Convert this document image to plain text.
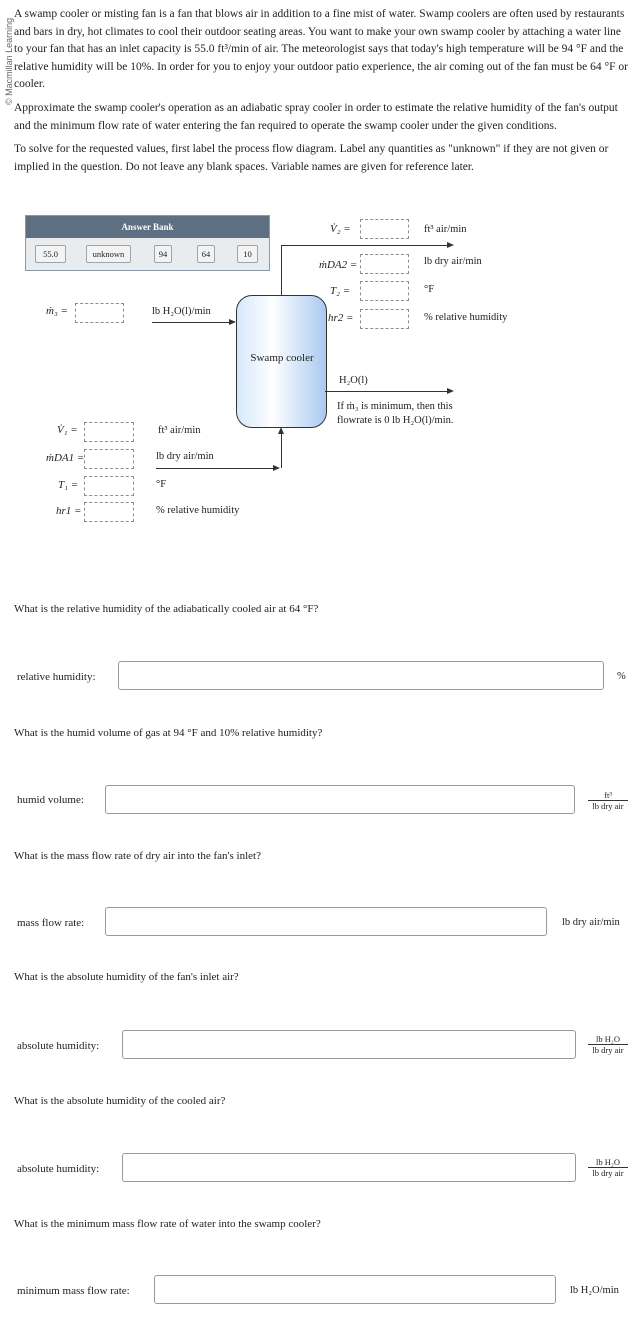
© Macmillan Learning
A swamp cooler or misting fan is a fan that blows air in addition to a fine mist of water. Swamp coolers are often used by restaurants and bars in dry, hot climates to cool their outdoor seating areas. You want to make your own swamp cooler by attaching a water line to your fan that has an inlet capacity is 55.0 ft³/min of air. The meteorologist says that today's high temperature will be 94 °F and the relative humidity will be 10%. In order for you to enjoy your outdoor patio experience, the air coming out of the fan must be 64 °F or cooler.
Approximate the swamp cooler's operation as an adiabatic spray cooler in order to estimate the relative humidity of the fan's output and the minimum flow rate of water entering the fan required to operate the swamp cooler under the given conditions.
To solve for the requested values, first label the process flow diagram. Label any quantities as "unknown" if they are not given or implied in the question. Do not leave any blank spaces. Variable names are given for reference later.
Answer Bank
55.0	unknown	94	64	10
Swamp cooler
ṁ₃ =	lb H₂O(l)/min
V̇₁ =	ft³ air/min
ṁDA1 =	lb dry air/min
T₁ =	°F
hr1 =	% relative humidity
V̇₂ =	ft³ air/min
ṁDA2 =	lb dry air/min
T₂ =	°F
hr2 =	% relative humidity
H₂O(l)
If ṁ₃ is minimum, then this flowrate is 0 lb H₂O(l)/min.
What is the relative humidity of the adiabatically cooled air at 64 °F?
relative humidity:	%
What is the humid volume of gas at 94 °F and 10% relative humidity?
humid volume:	ft³
lb dry air
What is the mass flow rate of dry air into the fan's inlet?
mass flow rate:	lb dry air/min
What is the absolute humidity of the fan's inlet air?
absolute humidity:
lb H₂O
lb dry air
What is the absolute humidity of the cooled air?
absolute humidity:
lb H₂O
lb dry air
What is the minimum mass flow rate of water into the swamp cooler?
minimum mass flow rate:	lb H₂O/min
